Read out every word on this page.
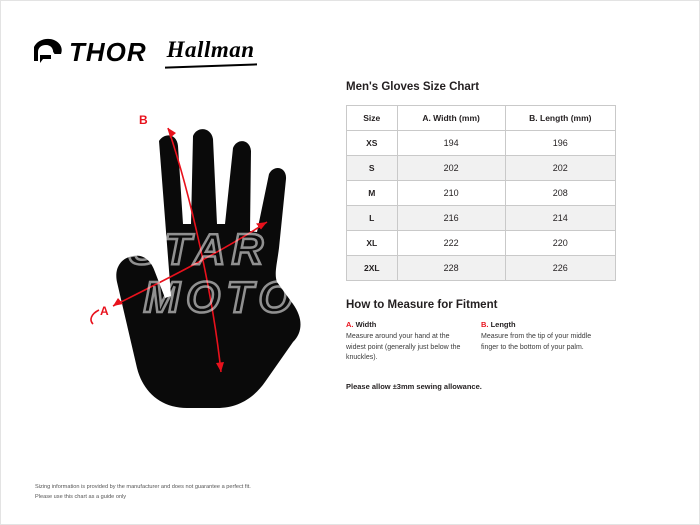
THOR Hallman
STAR
MOTO
B
A
Men's Gloves Size Chart
Size	A. Width (mm)	B. Length (mm)
XS	194	196
S	202	202
M	210	208
L	216	214
XL	222	220
2XL	228	226
How to Measure for Fitment
A. Width
Measure around your hand at the widest point (generally just below the knuckles).
B. Length
Measure from the tip of your middle finger to the bottom of your palm.
Please allow ±3mm sewing allowance.
Sizing information is provided by the manufacturer and does not guarantee a perfect fit.
Please use this chart as a guide only
